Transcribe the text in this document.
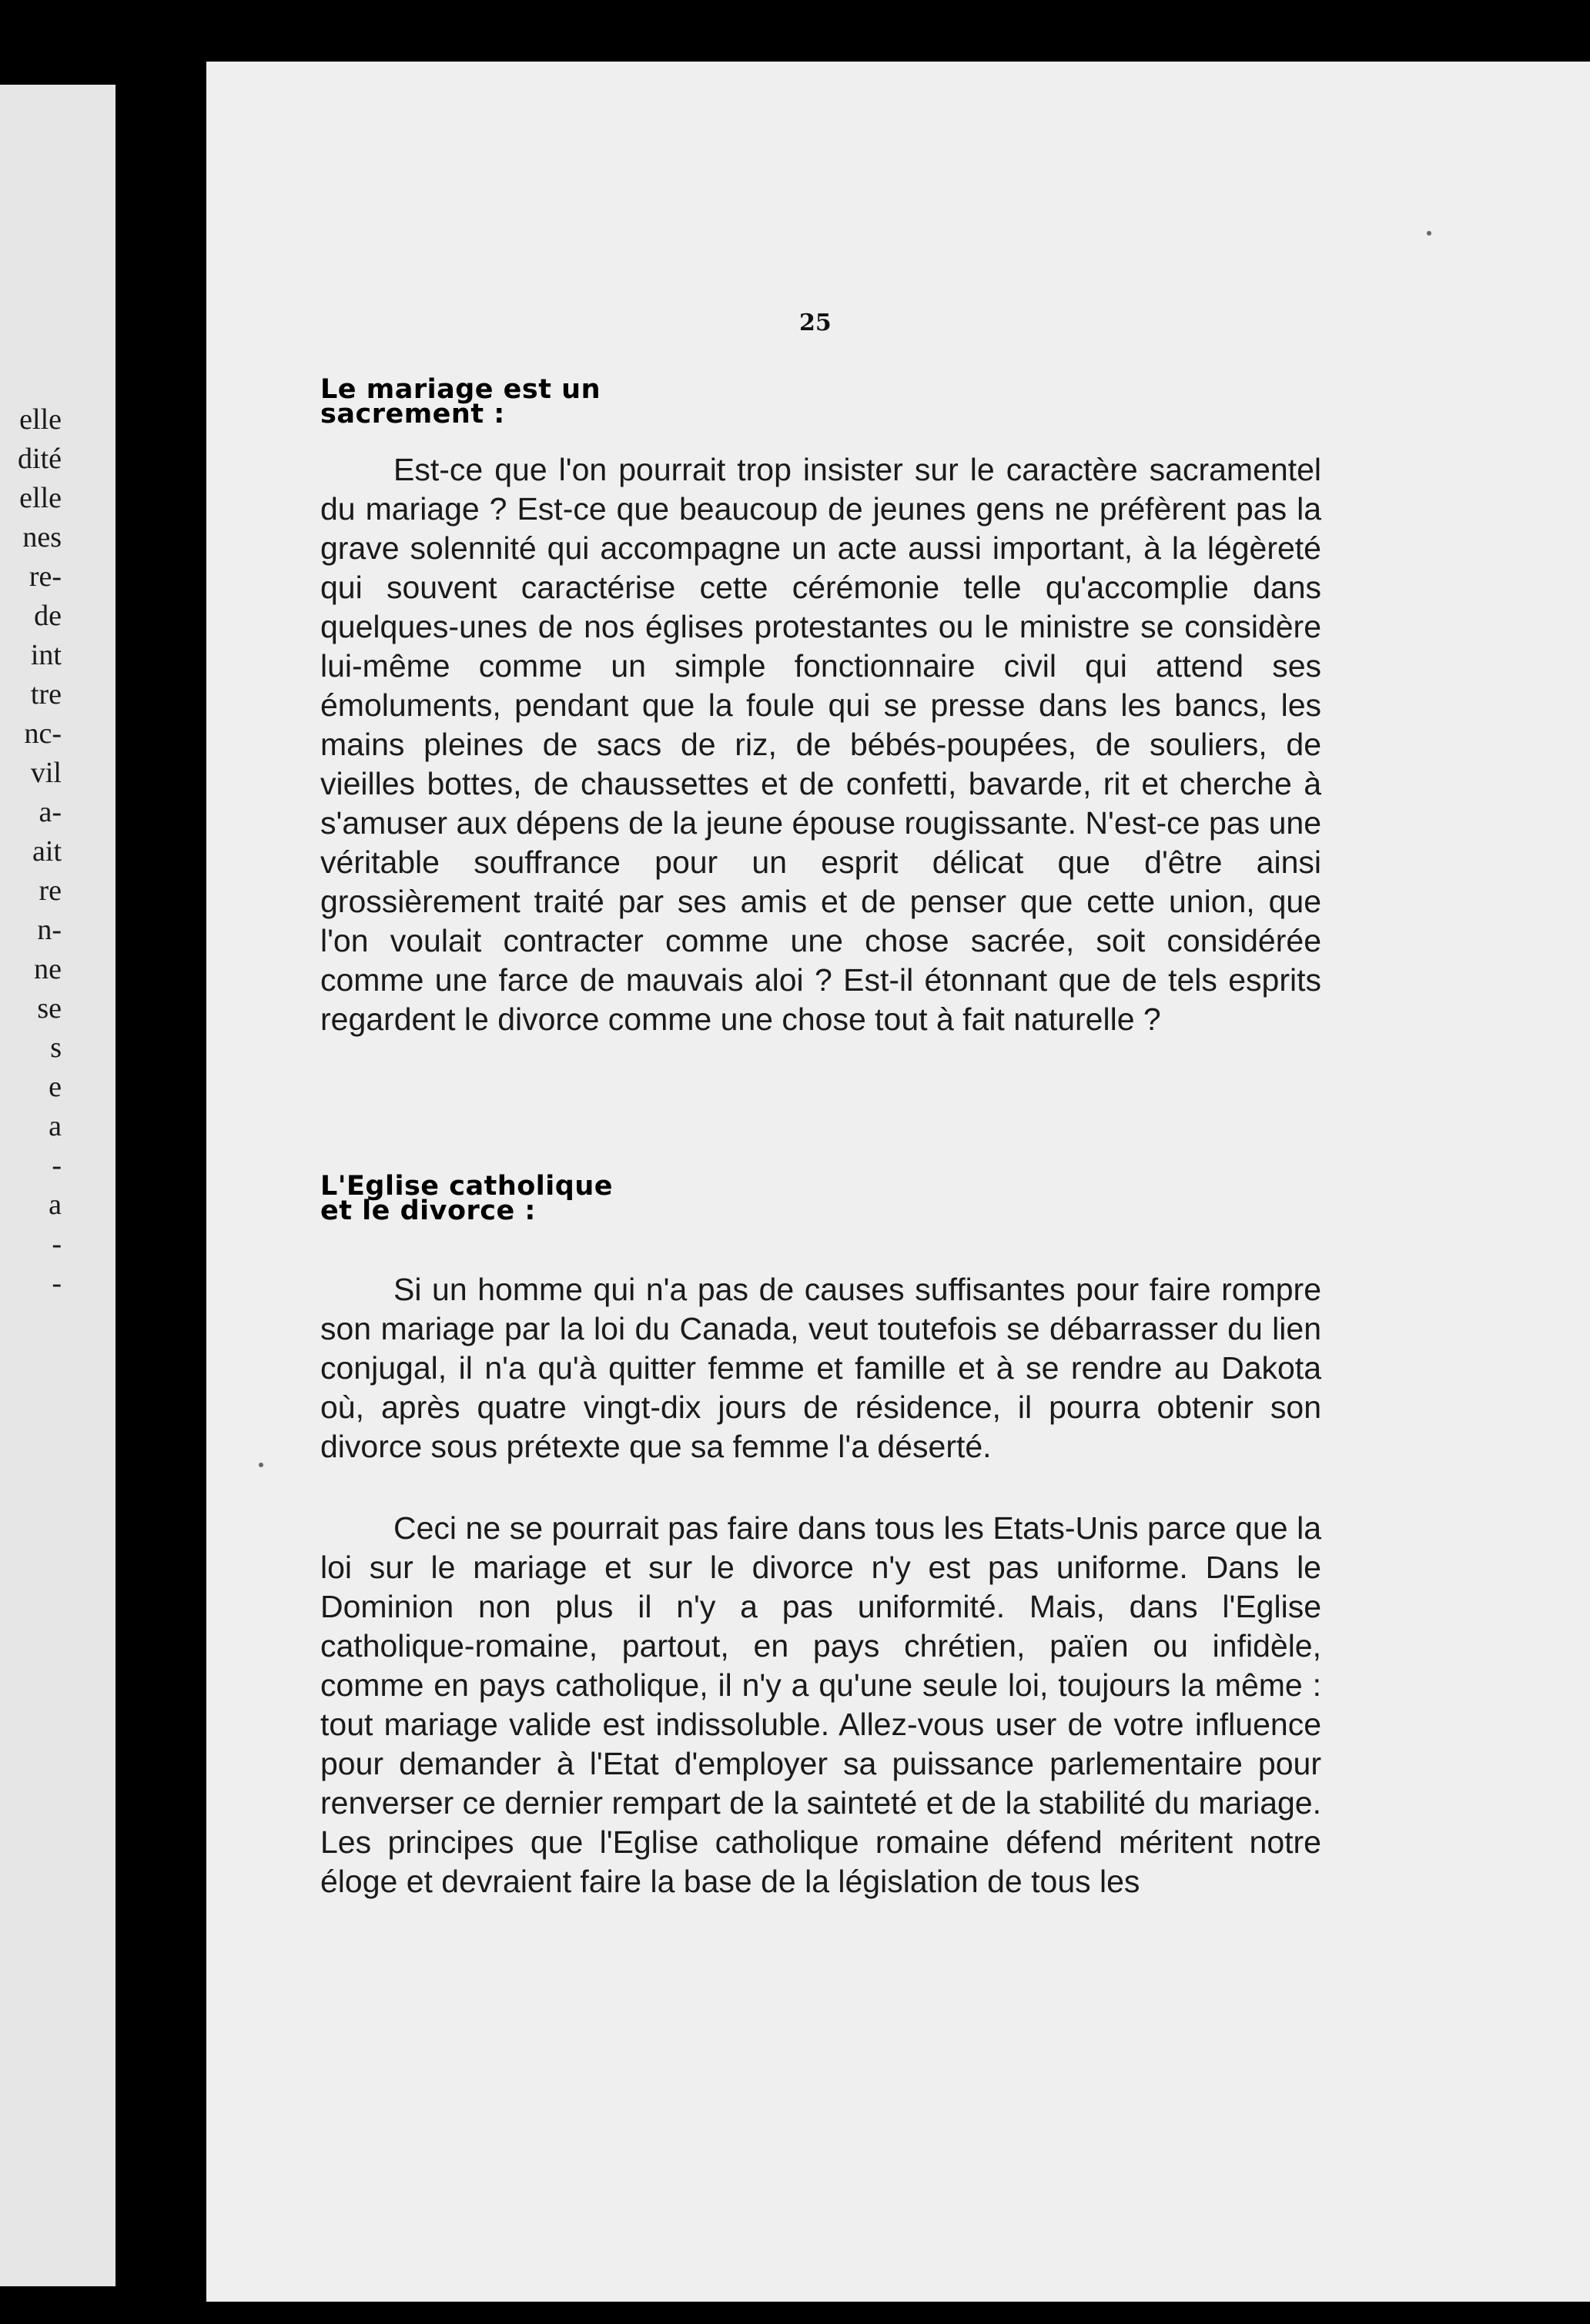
elle
dité
elle
nes
re-
de
int
tre
nc-
vil
a-
ait
re
n-
ne
se
s
e
a
-
a
-
-
25
Le mariage est un
sacrement :

Est-ce que l'on pourrait trop insister sur le caractère sacramentel du mariage ? Est-ce que beaucoup de jeunes gens ne préfèrent pas la grave solennité qui accompagne un acte aussi important, à la légèreté qui souvent caractérise cette cérémonie telle qu'accomplie dans quelques-unes de nos églises protestantes ou le ministre se considère lui-même comme un simple fonctionnaire civil qui attend ses émoluments, pendant que la foule qui se presse dans les bancs, les mains pleines de sacs de riz, de bébés-poupées, de souliers, de vieilles bottes, de chaussettes et de confetti, bavarde, rit et cherche à s'amuser aux dépens de la jeune épouse rougissante. N'est-ce pas une véritable souffrance pour un esprit délicat que d'être ainsi grossièrement traité par ses amis et de penser que cette union, que l'on voulait contracter comme une chose sacrée, soit considérée comme une farce de mauvais aloi ? Est-il étonnant que de tels esprits regardent le divorce comme une chose tout à fait naturelle ?

L'Eglise catholique
et le divorce :

Si un homme qui n'a pas de causes suffisantes pour faire rompre son mariage par la loi du Canada, veut toutefois se débarrasser du lien conjugal, il n'a qu'à quitter femme et famille et à se rendre au Dakota où, après quatre vingt-dix jours de résidence, il pourra obtenir son divorce sous prétexte que sa femme l'a déserté.

Ceci ne se pourrait pas faire dans tous les Etats-Unis parce que la loi sur le mariage et sur le divorce n'y est pas uniforme. Dans le Dominion non plus il n'y a pas uniformité. Mais, dans l'Eglise catholique-romaine, partout, en pays chrétien, païen ou infidèle, comme en pays catholique, il n'y a qu'une seule loi, toujours la même : tout mariage valide est indissoluble. Allez-vous user de votre influence pour demander à l'Etat d'employer sa puissance parlementaire pour renverser ce dernier rempart de la sainteté et de la stabilité du mariage. Les principes que l'Eglise catholique romaine défend méritent notre éloge et devraient faire la base de la législation de tous les
